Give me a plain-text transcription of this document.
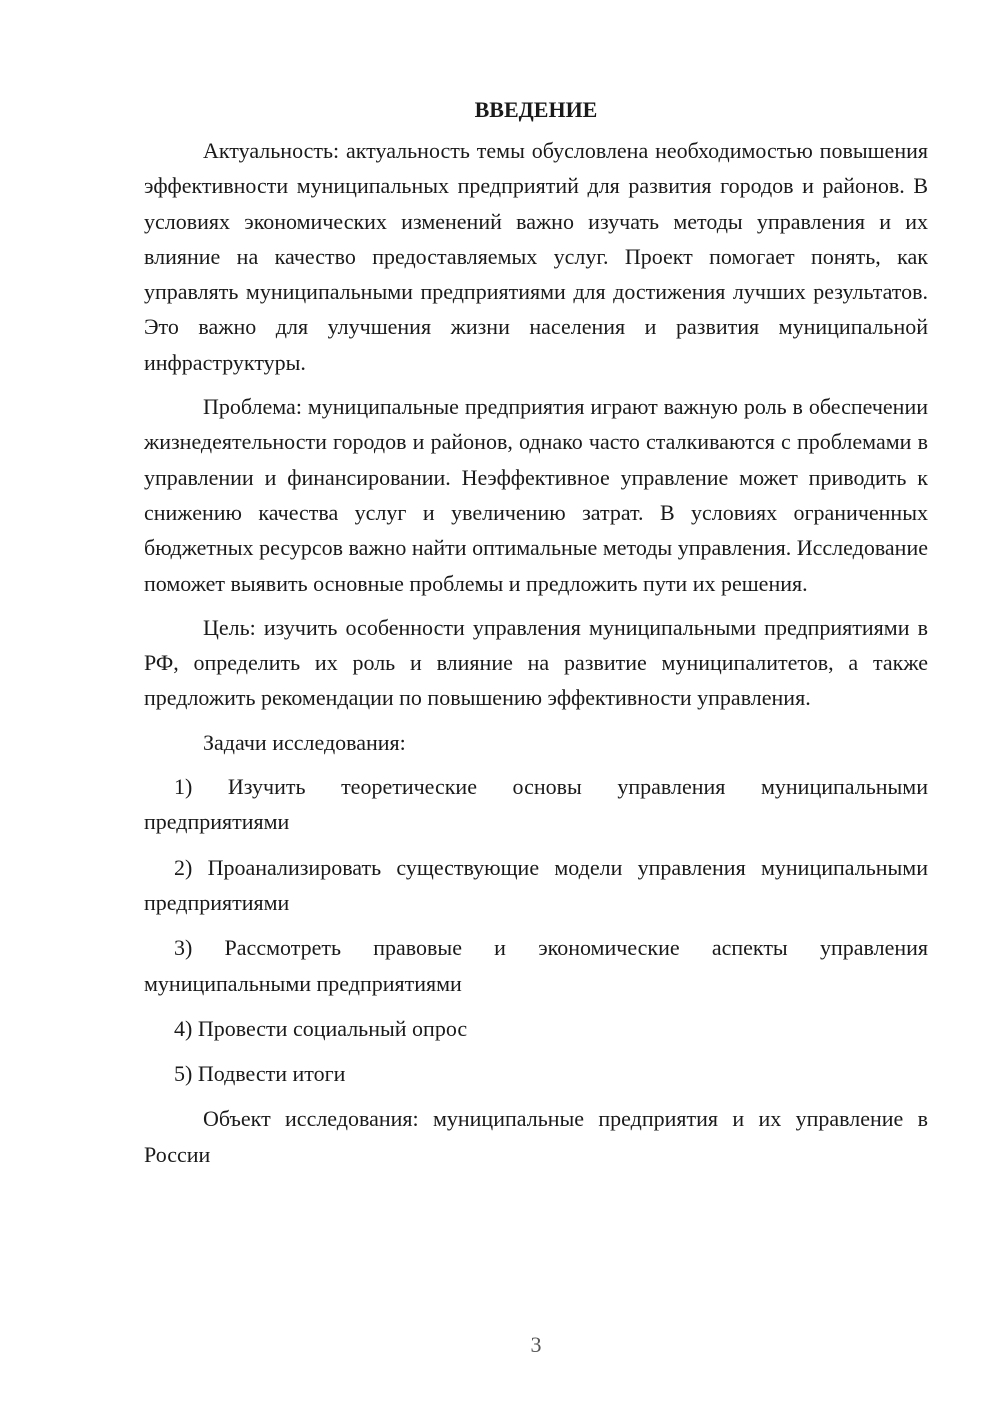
ВВЕДЕНИЕ

Актуальность: актуальность темы обусловлена необходимостью повышения эффективности муниципальных предприятий для развития городов и районов. В условиях экономических изменений важно изучать методы управления и их влияние на качество предоставляемых услуг. Проект помогает понять, как управлять муниципальными предприятиями для достижения лучших результатов. Это важно для улучшения жизни населения и развития муниципальной инфраструктуры.

Проблема: муниципальные предприятия играют важную роль в обеспечении жизнедеятельности городов и районов, однако часто сталкиваются с проблемами в управлении и финансировании. Неэффективное управление может приводить к снижению качества услуг и увеличению затрат. В условиях ограниченных бюджетных ресурсов важно найти оптимальные методы управления. Исследование поможет выявить основные проблемы и предложить пути их решения.

Цель: изучить особенности управления муниципальными предприятиями в РФ, определить их роль и влияние на развитие муниципалитетов, а также предложить рекомендации по повышению эффективности управления.

Задачи исследования:

1) Изучить теоретические основы управления муниципальными предприятиями

2) Проанализировать существующие модели управления муниципальными предприятиями

3) Рассмотреть правовые и экономические аспекты управления муниципальными предприятиями

4) Провести социальный опрос

5) Подвести итоги

Объект исследования: муниципальные предприятия и их управление в России

3
